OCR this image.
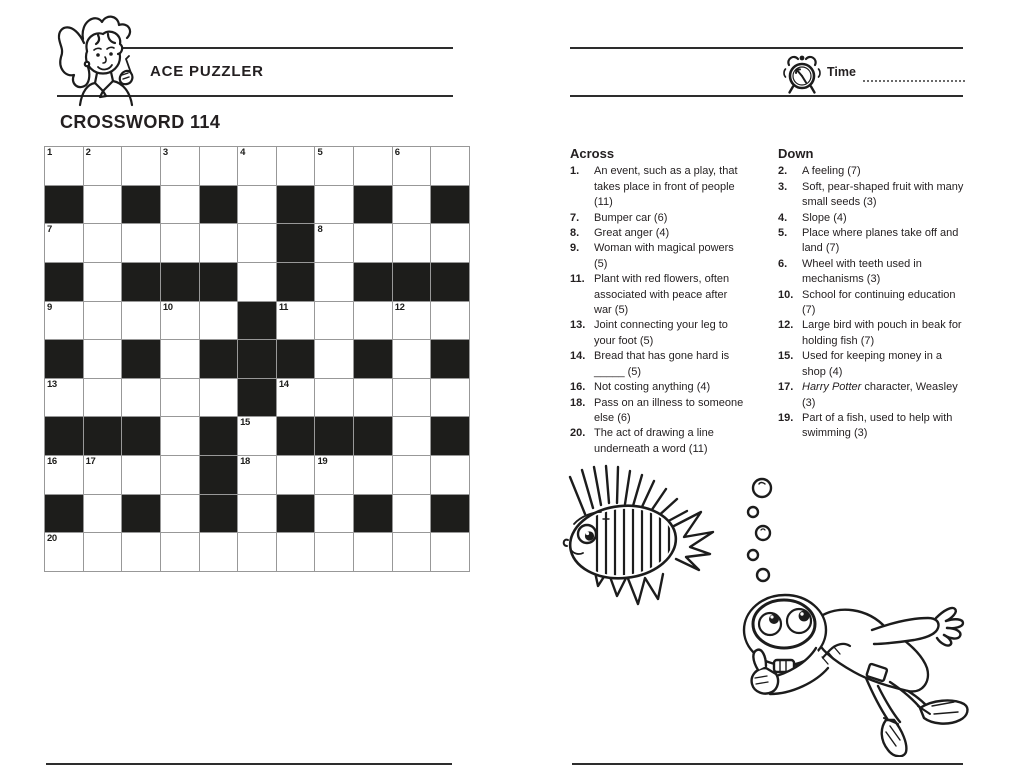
ACE PUZZLER
CROSSWORD 114
1	2	3	4	5	6
7	8
9	10	11	12
13	14
15
16	17	18	19
20
Time
Across
1.	An event, such as a play, that takes place in front of people (11)
7.	Bumper car (6)
8.	Great anger (4)
9.	Woman with magical powers (5)
11. Plant with red flowers, often associated with peace after war (5)
13. Joint connecting your leg to your foot (5)
14. Bread that has gone hard is _____ (5)
16. Not costing anything (4)
18. Pass on an illness to someone else (6)
20. The act of drawing a line underneath a word (11)
Down
2.	A feeling (7)
3.	Soft, pear-shaped fruit with many small seeds (3)
4.	Slope (4)
5.	Place where planes take off and land (7)
6.	Wheel with teeth used in mechanisms (3)
10. School for continuing education (7)
12. Large bird with pouch in beak for holding fish (7)
15. Used for keeping money in a shop (4)
17. Harry Potter character, Weasley (3)
19. Part of a fish, used to help with swimming (3)
